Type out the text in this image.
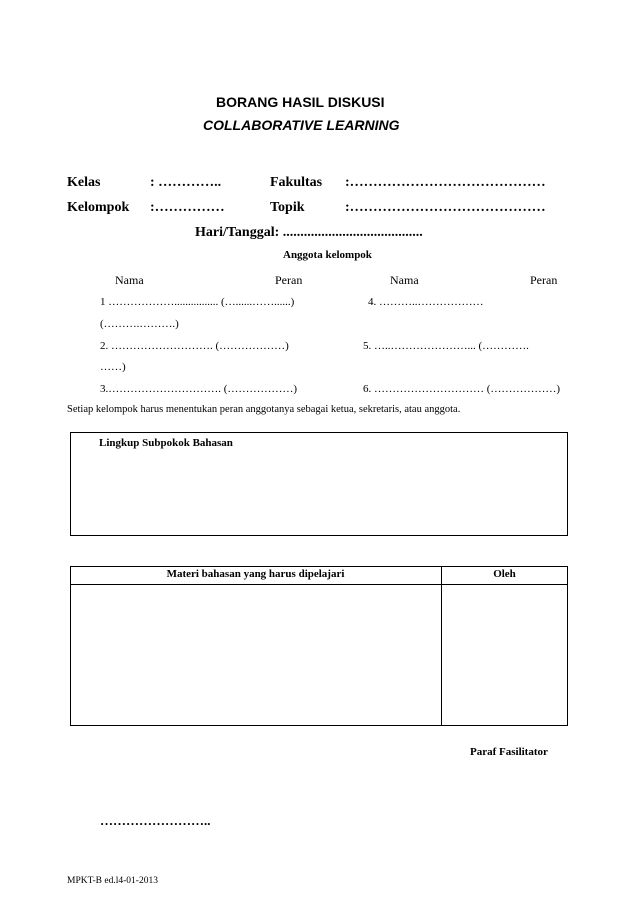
BORANG HASIL DISKUSI
COLLABORATIVE LEARNING
Kelas	: …………..	Fakultas :……………………………………
Kelompok :……………	Topik	:……………………………………
Hari/Tanggal: ........................................
Anggota kelompok
Nama	Peran	Nama	Peran
1 ………………................ (…......……......)	4. ………..………………
(……….……….)
2. ………………………. (………………)	5. …..…………………... (………….
……)
3.…………………………. (………………)	6. ………………………… (………………)
Setiap kelompok harus menentukan peran anggotanya sebagai ketua, sekretaris, atau anggota.
Lingkup Subpokok Bahasan
Materi bahasan yang harus dipelajari	Oleh
Paraf Fasilitator
……………………..
MPKT-B ed.l4-01-2013
